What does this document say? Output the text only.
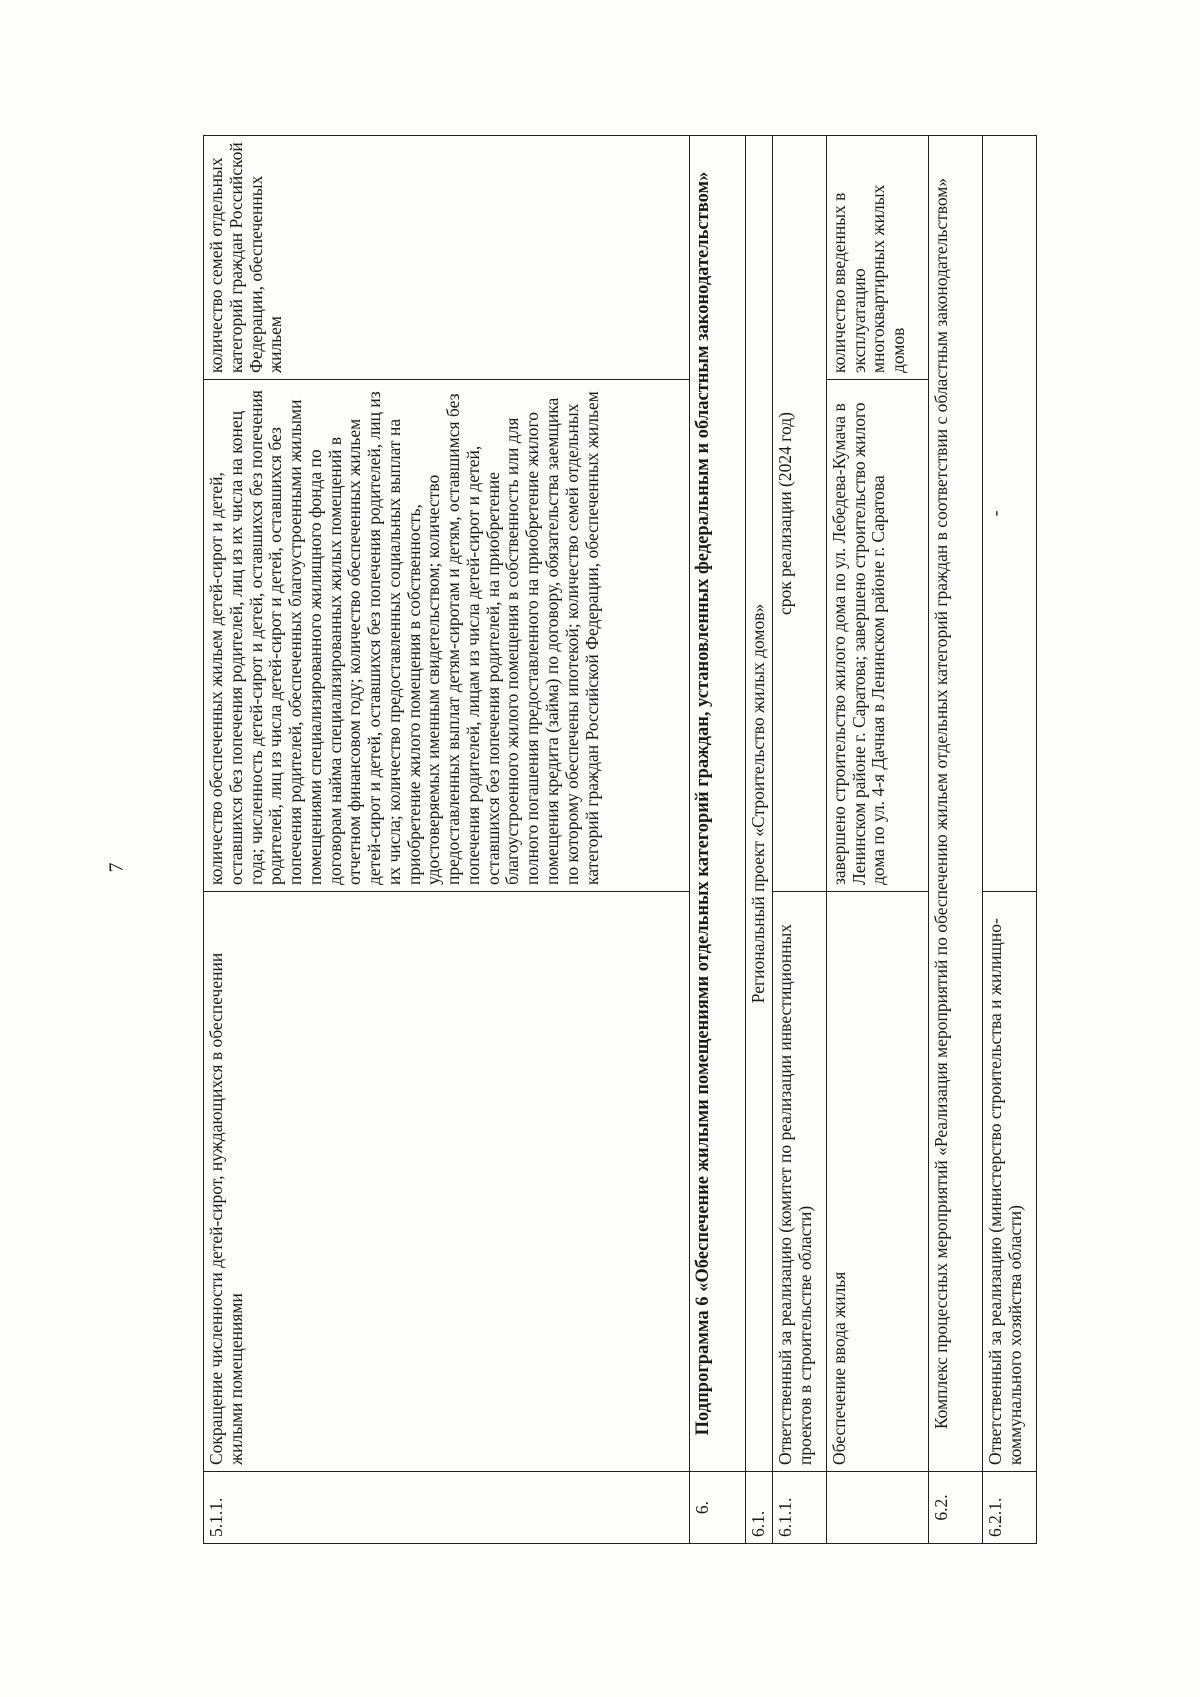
7
5.1.1.	Сокращение численности детей-сирот, нуждающихся в обеспечении жилыми помещениями	количество обеспеченных жильем детей-сирот и детей, оставшихся без попечения родителей, лиц из их числа на конец года; численность детей-сирот и детей, оставшихся без попечения родителей, лиц из числа детей-сирот и детей, оставшихся без попечения родителей, обеспеченных благоустроенными жилыми помещениями специализированного жилищного фонда по договорам найма специализированных жилых помещений в отчетном финансовом году; количество обеспеченных жильем детей-сирот и детей, оставшихся без попечения родителей, лиц из их числа; количество предоставленных социальных выплат на приобретение жилого помещения в собственность, удостоверяемых именным свидетельством; количество предоставленных выплат детям-сиротам и детям, оставшимся без попечения родителей, лицам из числа детей-сирот и детей, оставшихся без попечения родителей, на приобретение благоустроенного жилого помещения в собственность или для полного погашения предоставленного на приобретение жилого помещения кредита (займа) по договору, обязательства заемщика по которому обеспечены ипотекой; количество семей отдельных категорий граждан Российской Федерации, обеспеченных жильем	количество семей отдельных категорий граждан Российской Федерации, обеспеченных жильем
6.	Подпрограмма 6 «Обеспечение жилыми помещениями отдельных категорий граждан, установленных федеральным и областным законодательством»		
6.1.	Региональный проект «Строительство жилых домов»		
6.1.1.	Ответственный за реализацию (комитет по реализации инвестиционных проектов в строительстве области)	срок реализации (2024 год)	
	Обеспечение ввода жилья	завершено строительство жилого дома по ул. Лебедева-Кумача в Ленинском районе г. Саратова; завершено строительство жилого дома по ул. 4-я Дачная в Ленинском районе г. Саратова	количество введенных в эксплуатацию многоквартирных жилых домов
6.2.	Комплекс процессных мероприятий «Реализация мероприятий по обеспечению жильем отдельных категорий граждан в соответствии с областным законодательством»		
6.2.1.	Ответственный за реализацию (министерство строительства и жилищно-коммунального хозяйства области)	-	
